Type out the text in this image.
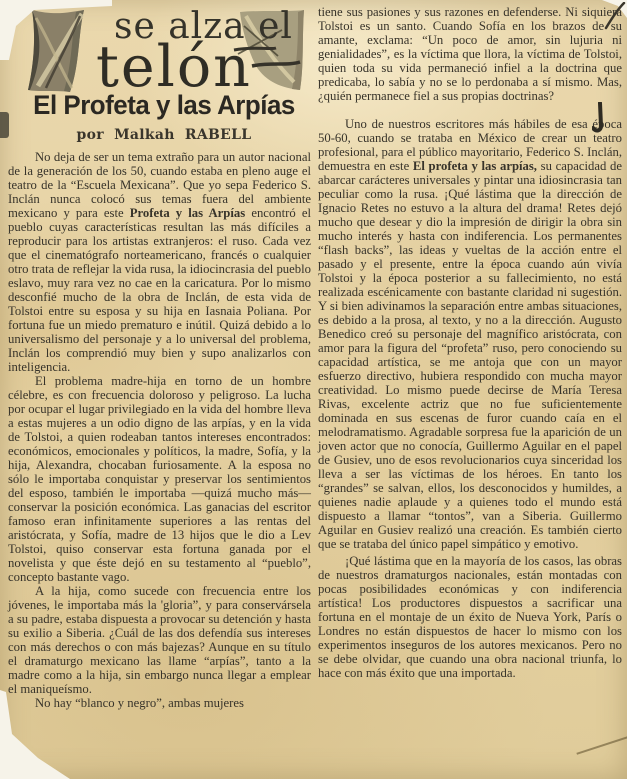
se alza el
telón
El Profeta y las Arpías
por Malkah RABELL

No deja de ser un tema extraño para un autor nacional de la generación de los 50, cuando estaba en pleno auge el teatro de la “Escuela Mexicana”. Que yo sepa Federico S. Inclán nunca colocó sus temas fuera del ambiente mexicano y para este Profeta y las Arpías encontró el pueblo cuyas características resultan las más difíciles a reproducir para los artistas extranjeros: el ruso. Cada vez que el cinematógrafo norteamericano, francés o cualquier otro trata de reflejar la vida rusa, la idiocincrasia del pueblo eslavo, muy rara vez no cae en la caricatura. Por lo mismo desconfié mucho de la obra de Inclán, de esta vida de Tolstoi entre su esposa y su hija en Iasnaia Poliana. Por fortuna fue un miedo prematuro e inútil. Quizá debido a lo universalismo del personaje y a lo universal del problema, Inclán los comprendió muy bien y supo analizarlos con inteligencia.

El problema madre-hija en torno de un hombre célebre, es con frecuencia doloroso y peligroso. La lucha por ocupar el lugar privilegiado en la vida del hombre lleva a estas mujeres a un odio digno de las arpías, y en la vida de Tolstoi, a quien rodeaban tantos intereses encontrados: económicos, emocionales y políticos, la madre, Sofía, y la hija, Alexandra, chocaban furiosamente. A la esposa no sólo le importaba conquistar y preservar los sentimientos del esposo, también le importaba —quizá mucho más— conservar la posición económica. Las ganacias del escritor famoso eran infinitamente superiores a las rentas del aristócrata, y Sofía, madre de 13 hijos que le dio a Lev Tolstoi, quiso conservar esta fortuna ganada por el novelista y que éste dejó en su testamento al “pueblo”, concepto bastante vago.

A la hija, como sucede con frecuencia entre los jóvenes, le importaba más la 'gloria”, y para conservársela a su padre, estaba dispuesta a provocar su detención y hasta su exilio a Siberia. ¿Cuál de las dos defendía sus intereses con más derechos o con más bajezas? Aunque en su título el dramaturgo mexicano las llame “arpías”, tanto a la madre como a la hija, sin embargo nunca llegar a emplear el maniqueísmo.

No hay “blanco y negro”, ambas mujeres

tiene sus pasiones y sus razones en defenderse. Ni siquiera Tolstoi es un santo. Cuando Sofía en los brazos de su amante, exclama: “Un poco de amor, sin lujuria ni genialidades”, es la víctima que llora, la víctima de Tolstoi, quien toda su vida permaneció infiel a la doctrina que predicaba, lo sabía y no se lo perdonaba a sí mismo. Mas, ¿quién permanece fiel a sus propias doctrinas?

Uno de nuestros escritores más hábiles de esa época 50-60, cuando se trataba en México de crear un teatro profesional, para el público mayoritario, Federico S. Inclán, demuestra en este El profeta y las arpías, su capacidad de abarcar carácteres universales y pintar una idiosincrasia tan peculiar como la rusa. ¡Qué lástima que la dirección de Ignacio Retes no estuvo a la altura del drama! Retes dejó mucho que desear y dio la impresión de dirigir la obra sin mucho interés y hasta con indiferencia. Los permanentes “flash backs”, las ideas y vueltas de la acción entre el pasado y el presente, entre la época cuando aún vivía Tolstoi y la época posterior a su fallecimiento, no está realizada escénicamente con bastante claridad ni sugestión. Y si bien adivinamos la separación entre ambas situaciones, es debido a la prosa, al texto, y no a la dirección. Augusto Benedico creó su personaje del magnífico aristócrata, con amor para la figura del “profeta” ruso, pero conociendo su capacidad artística, se me antoja que con un mayor esfuerzo directivo, hubiera respondido con mucha mayor creatividad. Lo mismo puede decirse de María Teresa Rivas, excelente actriz que no fue suficientemente dominada en sus escenas de furor cuando caía en el melodramatismo. Agradable sorpresa fue la aparición de un joven actor que no conocía, Guillermo Aguilar en el papel de Gusiev, uno de esos revolucionarios cuya sinceridad los lleva a ser las víctimas de los héroes. En tanto los “grandes” se salvan, ellos, los desconocidos y humildes, a quienes nadie aplaude y a quienes todo el mundo está dispuesto a llamar “tontos”, van a Siberia. Guillermo Aguilar en Gusiev realizó una creación. Es también cierto que se trataba del único papel simpático y emotivo.

¡Qué lástima que en la mayoría de los casos, las obras de nuestros dramaturgos nacionales, están montadas con pocas posibilidades económicas y con indiferencia artística! Los productores dispuestos a sacrificar una fortuna en el montaje de un éxito de Nueva York, París o Londres no están dispuestos de hacer lo mismo con los experimentos inseguros de los autores mexicanos. Pero no se debe olvidar, que cuando una obra nacional triunfa, lo hace con más éxito que una importada.
